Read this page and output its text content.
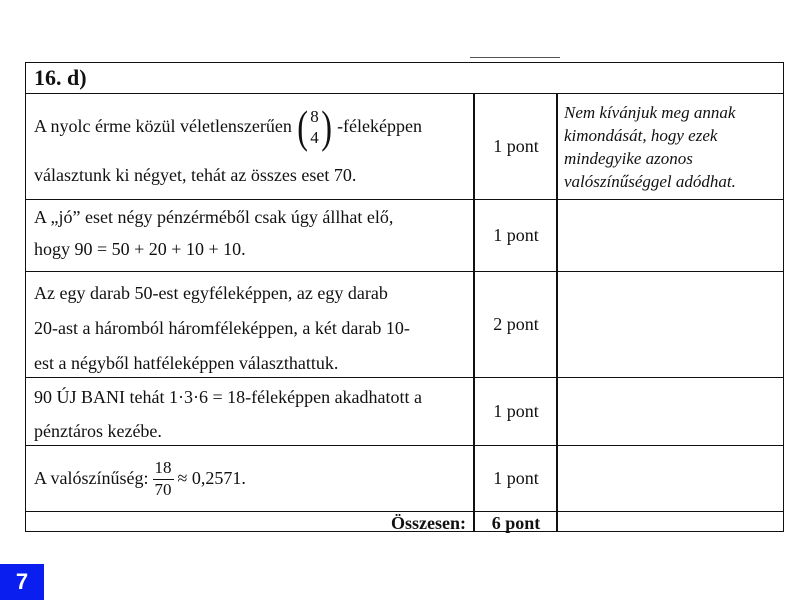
16. d)
A nyolc érme közül véletlenszerűen ( 8
4 ) -féleképpen
választunk ki négyet, tehát az összes eset 70.
1 pont
Nem kívánjuk meg annak kimondását, hogy ezek mindegyike azonos valószínűséggel adódhat.
A „jó” eset négy pénzérméből csak úgy állhat elő,
hogy 90 = 50 + 20 + 10 + 10.
1 pont
Az egy darab 50-est egyféleképpen, az egy darab
20-ast a háromból háromféleképpen, a két darab 10-
est a négyből hatféleképpen választhattuk.
2 pont
90 ÚJ BANI tehát 1·3·6 = 18-féleképpen akadhatott a
pénztáros kezébe.
1 pont
A valószínűség: $\frac{18}{70} \approx 0,2571$.	1 pont
Összesen:	6 pont
7
